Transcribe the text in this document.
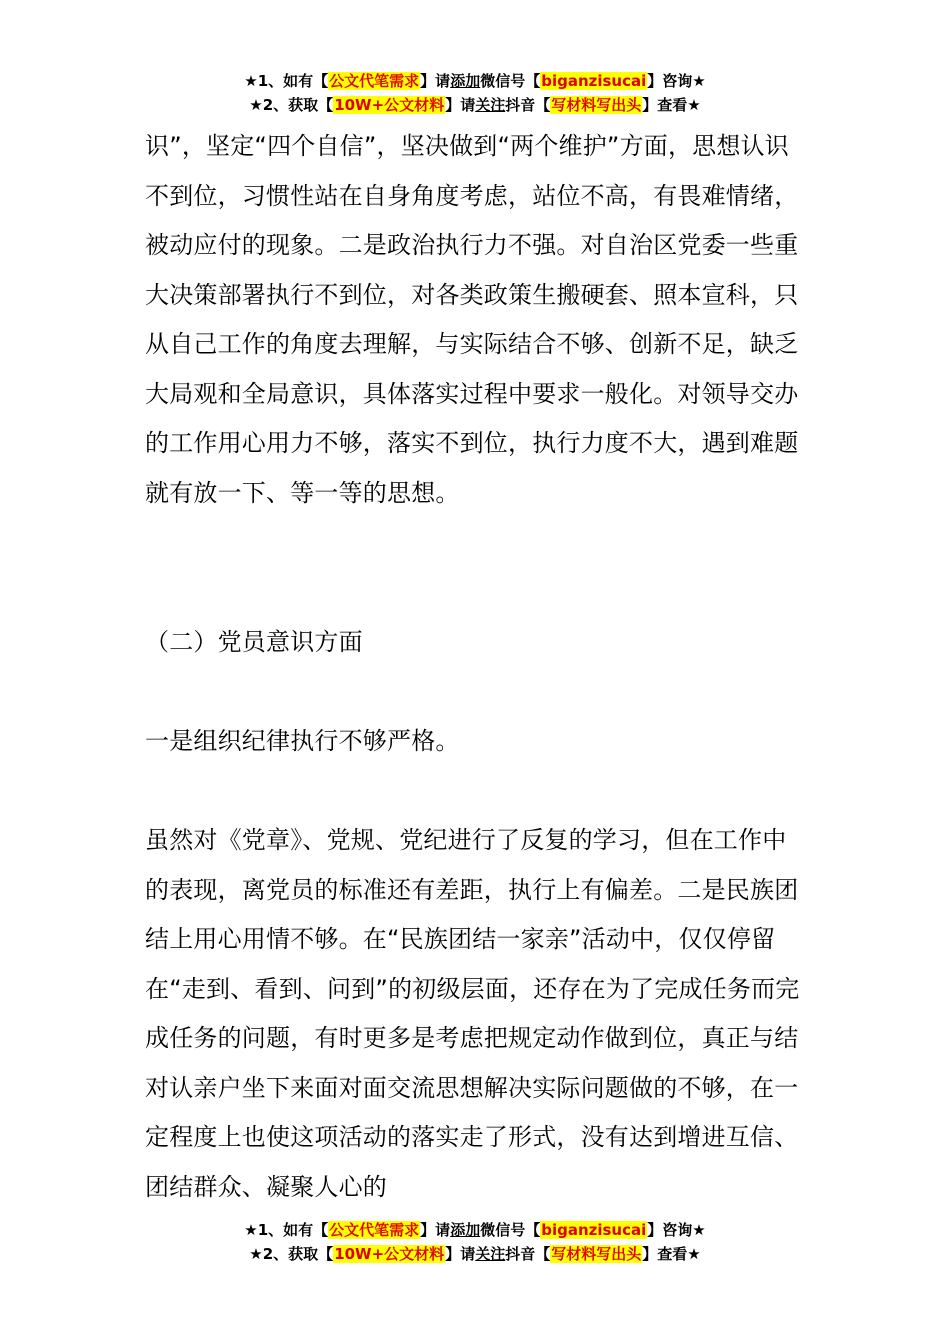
★1、如有【公文代笔需求】请添加微信号【biganzisucai】咨询★
★2、获取【10W+公文材料】请关注抖音【写材料写出头】查看★

识”，坚定“四个自信”，坚决做到“两个维护”方面，思想认识不到位，习惯性站在自身角度考虑，站位不高，有畏难情绪，被动应付的现象。二是政治执行力不强。对自治区党委一些重大决策部署执行不到位，对各类政策生搬硬套、照本宣科，只从自己工作的角度去理解，与实际结合不够、创新不足，缺乏大局观和全局意识，具体落实过程中要求一般化。对领导交办的工作用心用力不够，落实不到位，执行力度不大，遇到难题就有放一下、等一等的思想。

（二）党员意识方面

一是组织纪律执行不够严格。

虽然对《党章》、党规、党纪进行了反复的学习，但在工作中的表现，离党员的标准还有差距，执行上有偏差。二是民族团结上用心用情不够。在“民族团结一家亲”活动中，仅仅停留在“走到、看到、问到”的初级层面，还存在为了完成任务而完成任务的问题，有时更多是考虑把规定动作做到位，真正与结对认亲户坐下来面对面交流思想解决实际问题做的不够，在一定程度上也使这项活动的落实走了形式，没有达到增进互信、团结群众、凝聚人心的

★1、如有【公文代笔需求】请添加微信号【biganzisucai】咨询★
★2、获取【10W+公文材料】请关注抖音【写材料写出头】查看★
